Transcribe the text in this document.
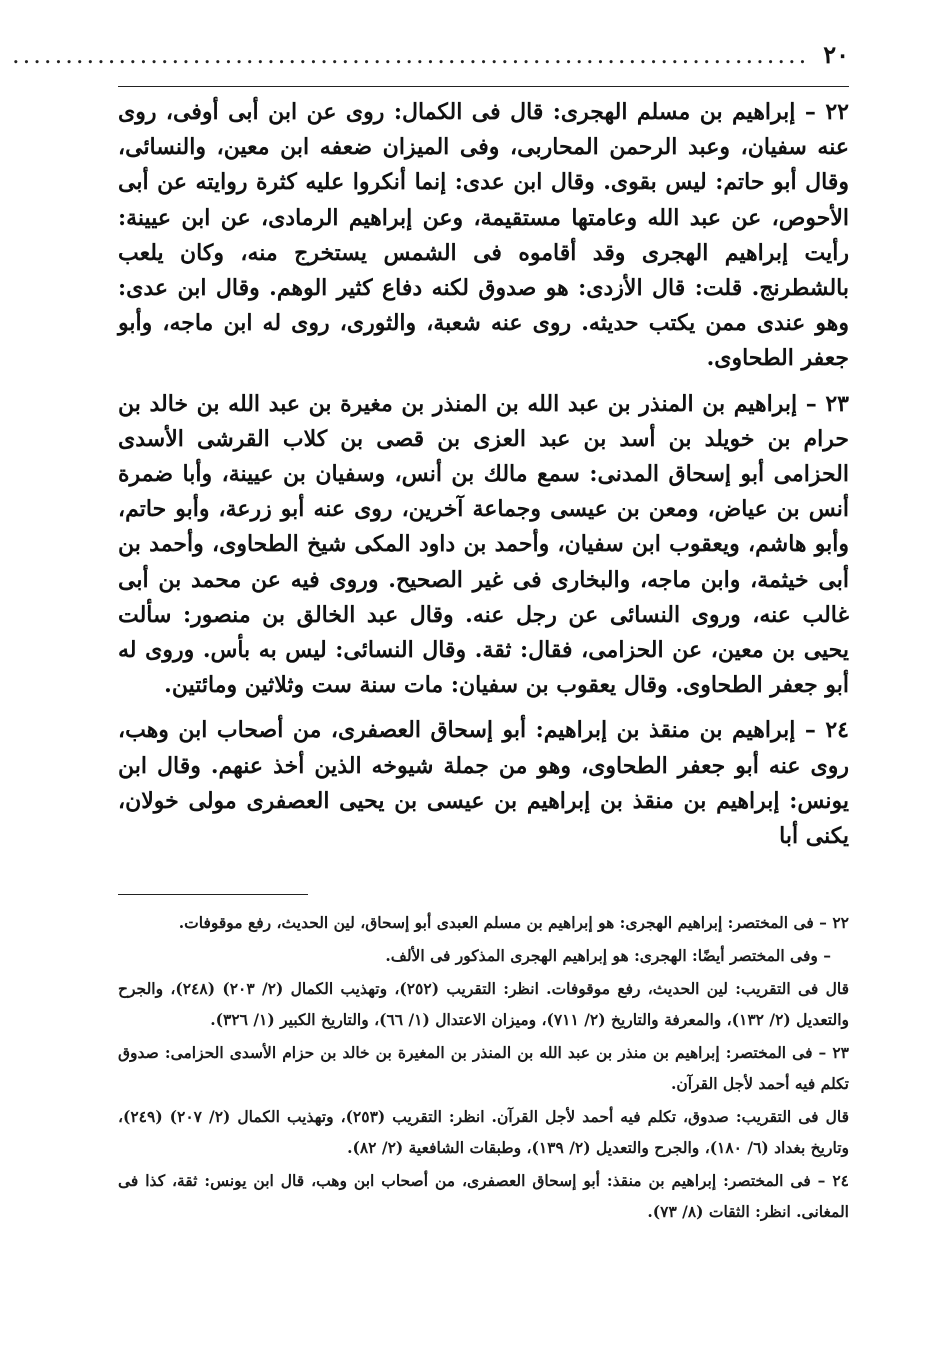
٢٠
...........................................................................

٢٢ – إبراهيم بن مسلم الهجرى: قال فى الكمال: روى عن ابن أبى أوفى، روى عنه سفيان، وعبد الرحمن المحاربى، وفى الميزان ضعفه ابن معين، والنسائى، وقال أبو حاتم: ليس بقوى. وقال ابن عدى: إنما أنكروا عليه كثرة روايته عن أبى الأحوص، عن عبد الله وعامتها مستقيمة، وعن إبراهيم الرمادى، عن ابن عيينة: رأيت إبراهيم الهجرى وقد أقاموه فى الشمس يستخرج منه، وكان يلعب بالشطرنج. قلت: قال الأزدى: هو صدوق لكنه دفاع كثير الوهم. وقال ابن عدى: وهو عندى ممن يكتب حديثه. روى عنه شعبة، والثورى، روى له ابن ماجه، وأبو جعفر الطحاوى.

٢٣ – إبراهيم بن المنذر بن عبد الله بن المنذر بن مغيرة بن عبد الله بن خالد بن حرام بن خويلد بن أسد بن عبد العزى بن قصى بن كلاب القرشى الأسدى الحزامى أبو إسحاق المدنى: سمع مالك بن أنس، وسفيان بن عيينة، وأبا ضمرة أنس بن عياض، ومعن بن عيسى وجماعة آخرين، روى عنه أبو زرعة، وأبو حاتم، وأبو هاشم، ويعقوب ابن سفيان، وأحمد بن داود المكى شيخ الطحاوى، وأحمد بن أبى خيثمة، وابن ماجه، والبخارى فى غير الصحيح. وروى فيه عن محمد بن أبى غالب عنه، وروى النسائى عن رجل عنه. وقال عبد الخالق بن منصور: سألت يحيى بن معين، عن الحزامى، فقال: ثقة. وقال النسائى: ليس به بأس. وروى له أبو جعفر الطحاوى. وقال يعقوب بن سفيان: مات سنة ست وثلاثين ومائتين.

٢٤ – إبراهيم بن منقذ بن إبراهيم: أبو إسحاق العصفرى، من أصحاب ابن وهب، روى عنه أبو جعفر الطحاوى، وهو من جملة شيوخه الذين أخذ عنهم. وقال ابن يونس: إبراهيم بن منقذ بن إبراهيم بن عيسى بن يحيى العصفرى مولى خولان، يكنى أبا

٢٢ – فى المختصر: إبراهيم الهجرى: هو إبراهيم بن مسلم العبدى أبو إسحاق، لين الحديث، رفع موقوفات.

– وفى المختصر أيضًا: الهجرى: هو إبراهيم الهجرى المذكور فى الألف.

قال فى التقريب: لين الحديث، رفع موقوفات. انظر: التقريب (٢٥٢)، وتهذيب الكمال (٢/ ٢٠٣) (٢٤٨)، والجرح والتعديل (٢/ ١٣٢)، والمعرفة والتاريخ (٢/ ٧١١)، وميزان الاعتدال (١/ ٦٦)، والتاريخ الكبير (١/ ٣٢٦).

٢٣ – فى المختصر: إبراهيم بن منذر بن عبد الله بن المنذر بن المغيرة بن خالد بن حزام الأسدى الحزامى: صدوق تكلم فيه أحمد لأجل القرآن.

قال فى التقريب: صدوق، تكلم فيه أحمد لأجل القرآن. انظر: التقريب (٢٥٣)، وتهذيب الكمال (٢/ ٢٠٧) (٢٤٩)، وتاريخ بغداد (٦/ ١٨٠)، والجرح والتعديل (٢/ ١٣٩)، وطبقات الشافعية (٢/ ٨٢).

٢٤ – فى المختصر: إبراهيم بن منقذ: أبو إسحاق العصفرى، من أصحاب ابن وهب، قال ابن يونس: ثقة، كذا فى المغانى. انظر: الثقات (٨/ ٧٣).
